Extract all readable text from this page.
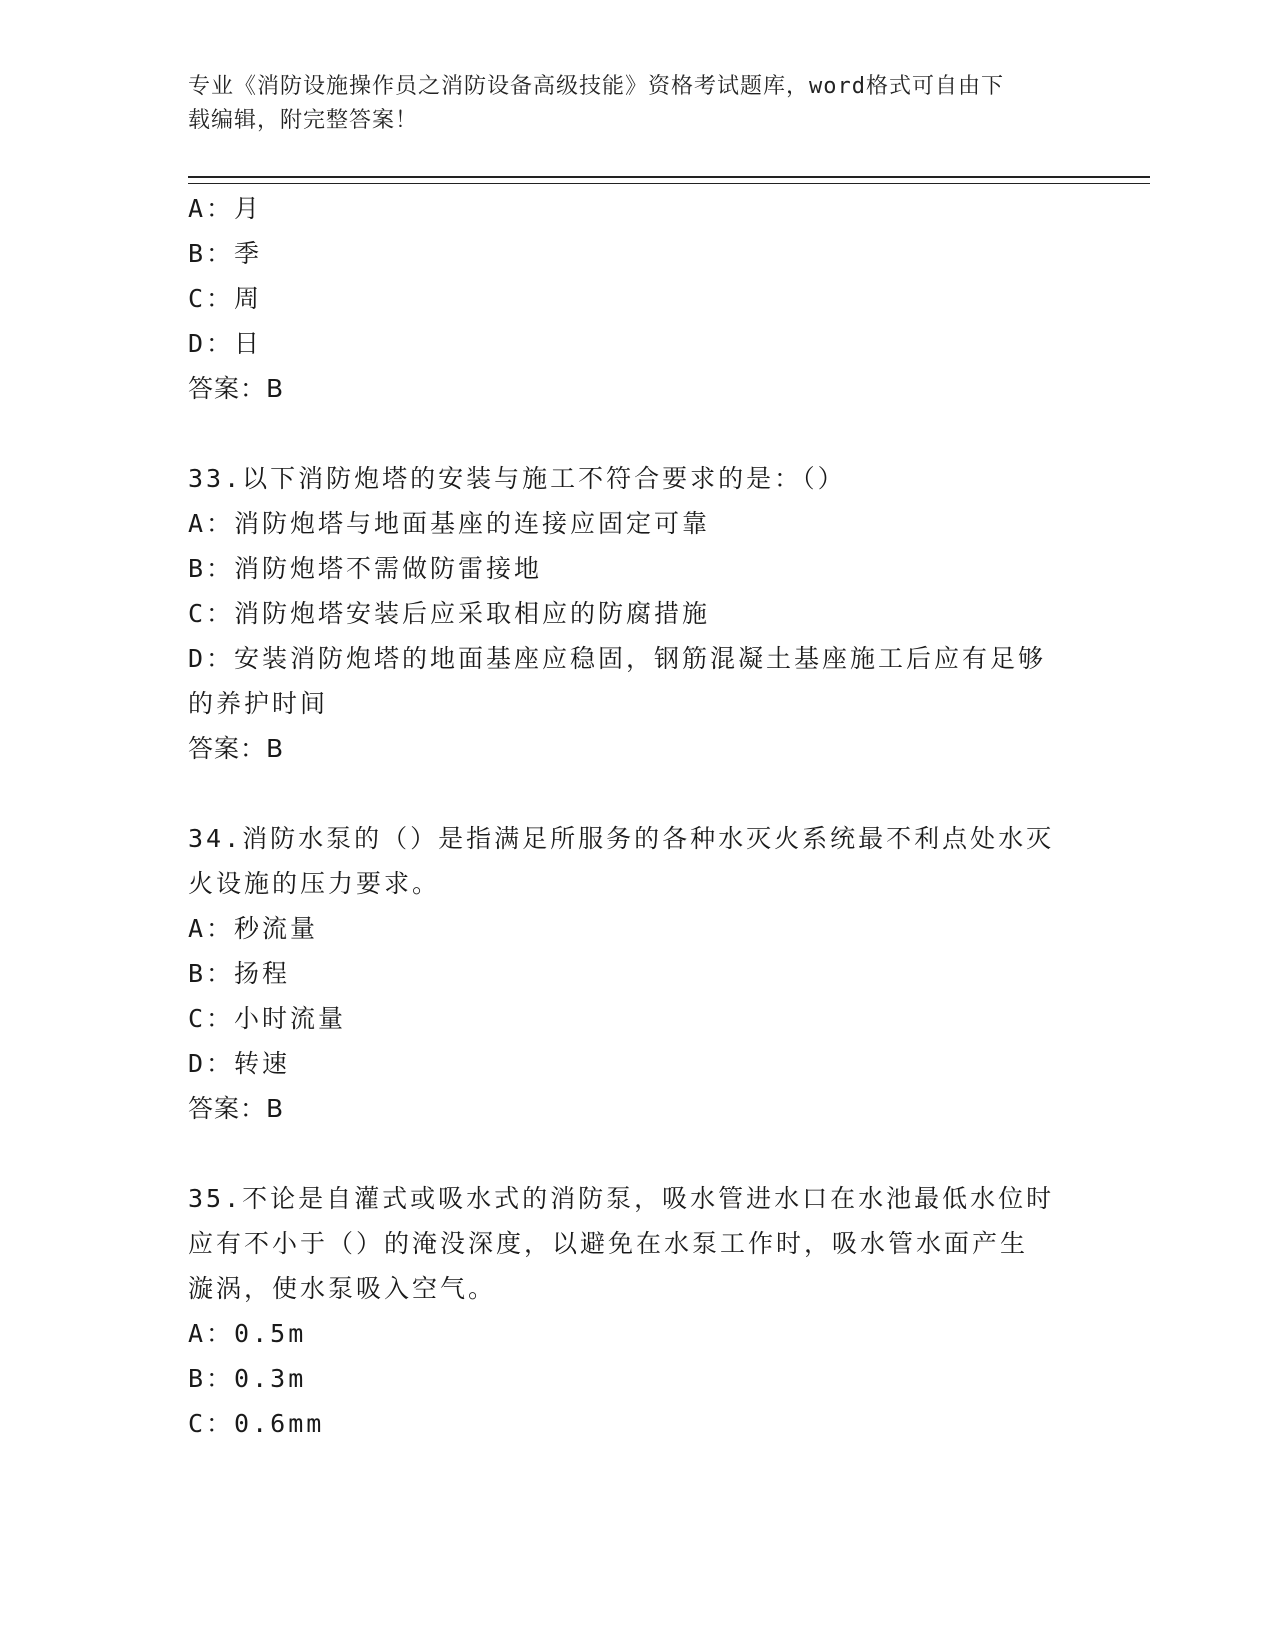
专业《消防设施操作员之消防设备高级技能》资格考试题库，word格式可自由下
载编辑，附完整答案！
A：月
B：季
C：周
D：日
答案：B
33.以下消防炮塔的安装与施工不符合要求的是：（）
A：消防炮塔与地面基座的连接应固定可靠
B：消防炮塔不需做防雷接地
C：消防炮塔安装后应采取相应的防腐措施
D：安装消防炮塔的地面基座应稳固，钢筋混凝土基座施工后应有足够
的养护时间
答案：B
34.消防水泵的（）是指满足所服务的各种水灭火系统最不利点处水灭
火设施的压力要求。
A：秒流量
B：扬程
C：小时流量
D：转速
答案：B
35.不论是自灌式或吸水式的消防泵，吸水管进水口在水池最低水位时
应有不小于（）的淹没深度，以避免在水泵工作时，吸水管水面产生
漩涡，使水泵吸入空气。
A：0.5m
B：0.3m
C：0.6mm
